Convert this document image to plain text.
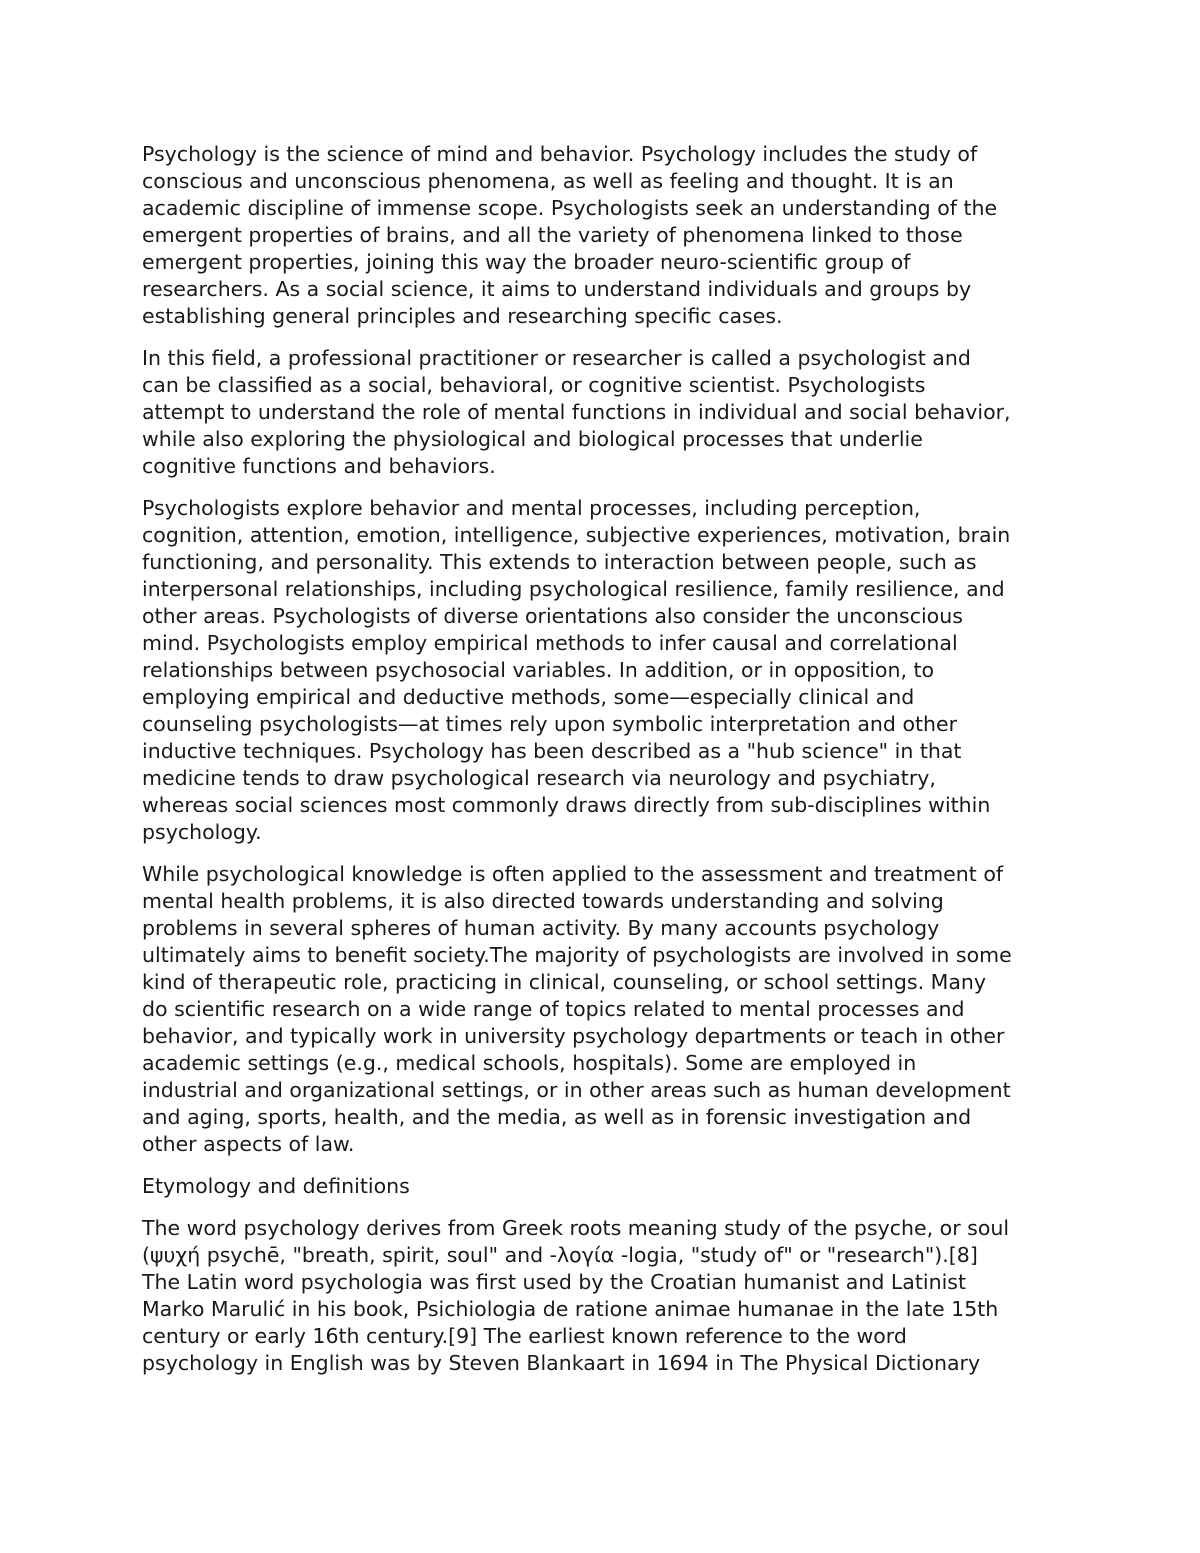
Psychology is the science of mind and behavior. Psychology includes the study of
conscious and unconscious phenomena, as well as feeling and thought. It is an
academic discipline of immense scope. Psychologists seek an understanding of the
emergent properties of brains, and all the variety of phenomena linked to those
emergent properties, joining this way the broader neuro-scientific group of
researchers. As a social science, it aims to understand individuals and groups by
establishing general principles and researching specific cases.

In this field, a professional practitioner or researcher is called a psychologist and
can be classified as a social, behavioral, or cognitive scientist. Psychologists
attempt to understand the role of mental functions in individual and social behavior,
while also exploring the physiological and biological processes that underlie
cognitive functions and behaviors.

Psychologists explore behavior and mental processes, including perception,
cognition, attention, emotion, intelligence, subjective experiences, motivation, brain
functioning, and personality. This extends to interaction between people, such as
interpersonal relationships, including psychological resilience, family resilience, and
other areas. Psychologists of diverse orientations also consider the unconscious
mind. Psychologists employ empirical methods to infer causal and correlational
relationships between psychosocial variables. In addition, or in opposition, to
employing empirical and deductive methods, some—especially clinical and
counseling psychologists—at times rely upon symbolic interpretation and other
inductive techniques. Psychology has been described as a "hub science" in that
medicine tends to draw psychological research via neurology and psychiatry,
whereas social sciences most commonly draws directly from sub-disciplines within
psychology.

While psychological knowledge is often applied to the assessment and treatment of
mental health problems, it is also directed towards understanding and solving
problems in several spheres of human activity. By many accounts psychology
ultimately aims to benefit society.The majority of psychologists are involved in some
kind of therapeutic role, practicing in clinical, counseling, or school settings. Many
do scientific research on a wide range of topics related to mental processes and
behavior, and typically work in university psychology departments or teach in other
academic settings (e.g., medical schools, hospitals). Some are employed in
industrial and organizational settings, or in other areas such as human development
and aging, sports, health, and the media, as well as in forensic investigation and
other aspects of law.

Etymology and definitions

The word psychology derives from Greek roots meaning study of the psyche, or soul
(ψυχή psychē, "breath, spirit, soul" and -λογία -logia, "study of" or "research").[8]
The Latin word psychologia was first used by the Croatian humanist and Latinist
Marko Marulić in his book, Psichiologia de ratione animae humanae in the late 15th
century or early 16th century.[9] The earliest known reference to the word
psychology in English was by Steven Blankaart in 1694 in The Physical Dictionary
